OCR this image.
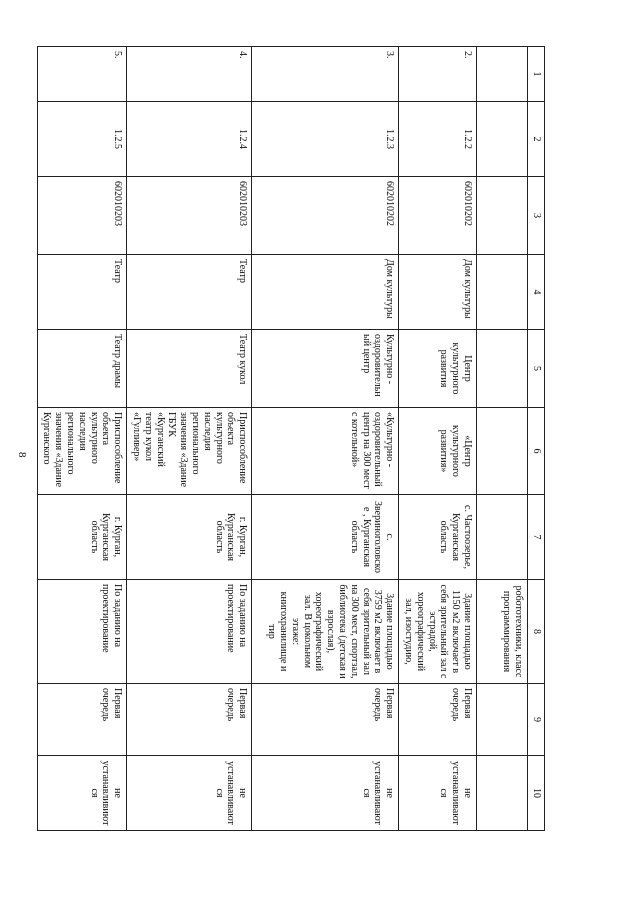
8
1	2	3	4	5	6	7	8	9	10
							робототехники, класс программирования		
2.	1.2.2	602010202	Дом культуры	Центр культурного развития	«Центр культурного развития»	с. Частоозерье, Курганская область	Здание площадью 1150 м2 включает в себя зрительный зал с эстрадой, хореографический зал, изостудию,	Первая очередь	не устанавливаются
3.	1.2.3	602010202	Дом культуры	Культурно - оздоровительный центр	«Культурно - оздоровительный центр на 300 мест с котельной»	с. Звериноголовское , Курганская область	Здание площадью 3759 м2 включает в себя зрительный зал на 300 мест, спортзал, библиотека (детская и взрослая), хореографический зал. В цокольном этаже: книгохранилище и тир	Первая очередь	не устанавливаются
4.	1.2.4	602010203	Театр	Театр кукол	Приспособление объекта культурного наследия регионального значения «Здание ГБУК «Курганский театр кукол «Гулливер»	г. Курган, Курганская область	По заданию на проектирование	Первая очередь	не устанавливаются
5.	1.2.5	602010203	Театр	Театр драмы	Приспособление объекта культурного наследия регионального значения «Здание Курганского	г. Курган, Курганская область	По заданию на проектирование	Первая очередь	не устанавливиются
